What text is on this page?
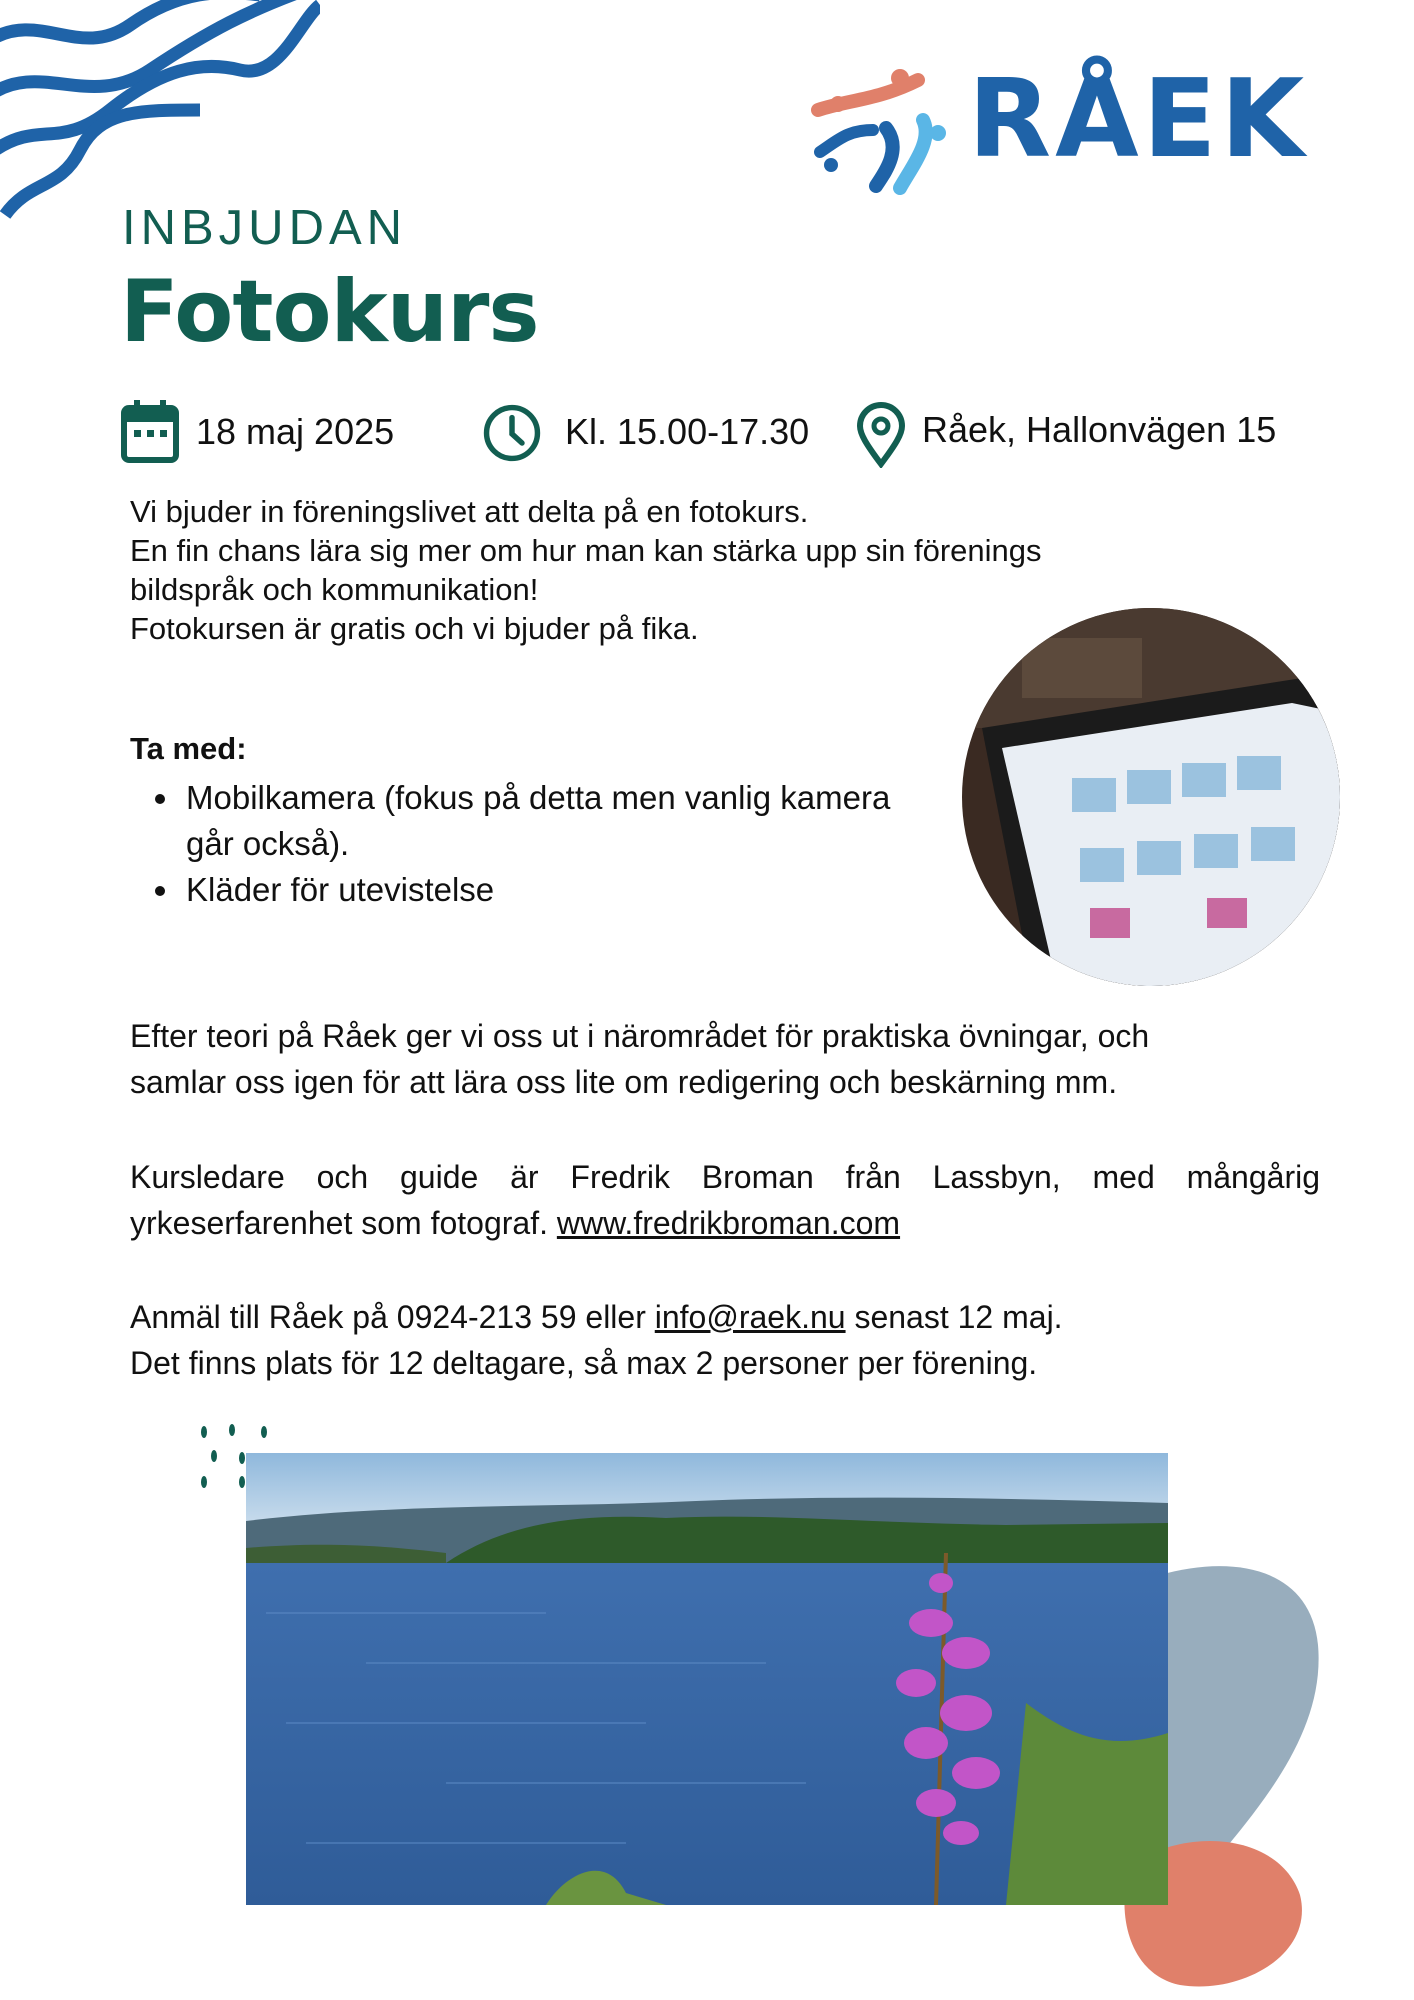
RÅEK
INBJUDAN
Fotokurs
18 maj 2025	Kl. 15.00-17.30	Råek, Hallonvägen 15
Vi bjuder in föreningslivet att delta på en fotokurs.
En fin chans lära sig mer om hur man kan stärka upp sin förenings
bildspråk och kommunikation!
Fotokursen är gratis och vi bjuder på fika.
Ta med:
• Mobilkamera (fokus på detta men vanlig kamera går också).
• Kläder för utevistelse
Efter teori på Råek ger vi oss ut i närområdet för praktiska övningar, och
samlar oss igen för att lära oss lite om redigering och beskärning mm.
Kursledare och guide är Fredrik Broman från Lassbyn, med mångårig
yrkeserfarenhet som fotograf. www.fredrikbroman.com
Anmäl till Råek på 0924-213 59 eller info@raek.nu senast 12 maj.
Det finns plats för 12 deltagare, så max 2 personer per förening.
